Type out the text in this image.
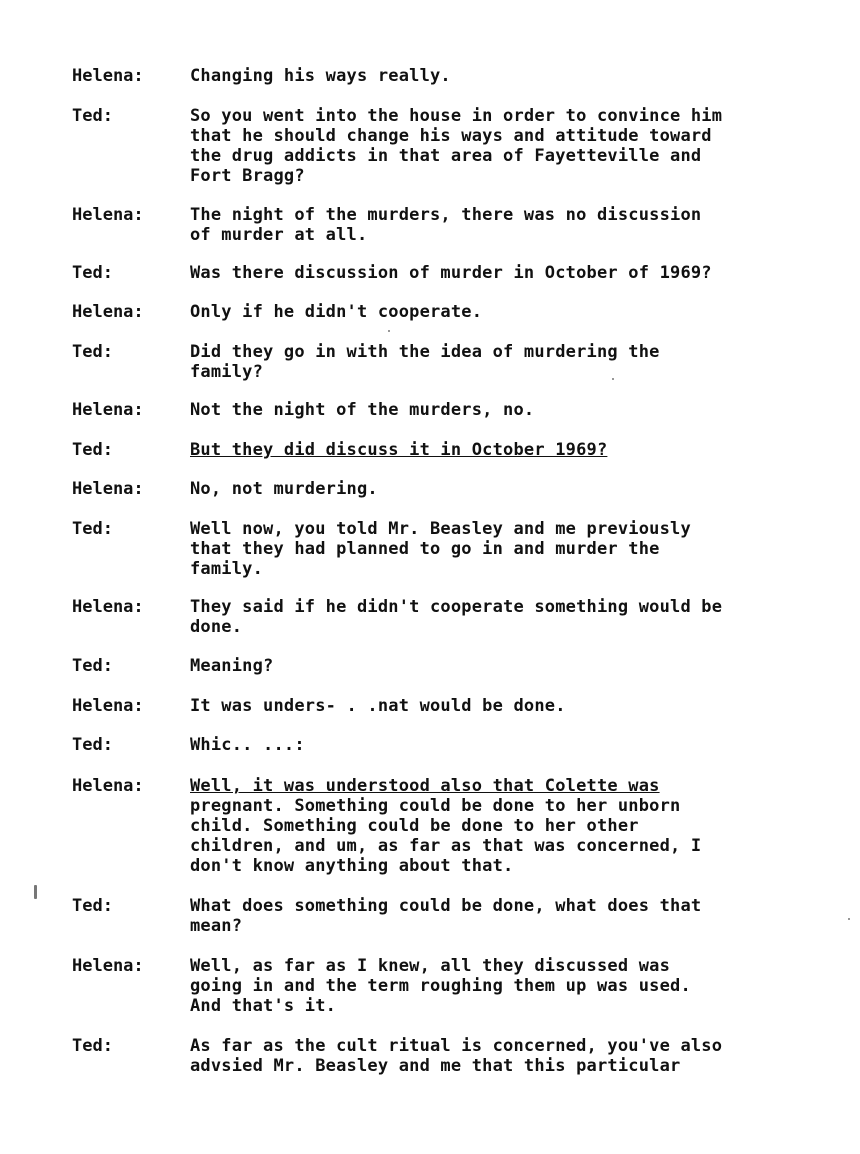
Helena:	Changing his ways really.
Ted:	So you went into the house in order to convince him
that he should change his ways and attitude toward
the drug addicts in that area of Fayetteville and
Fort Bragg?
Helena:	The night of the murders, there was no discussion
of murder at all.
Ted:	Was there discussion of murder in October of 1969?
Helena:	Only if he didn't cooperate.
Ted:	Did they go in with the idea of murdering the
family?
Helena:	Not the night of the murders, no.
Ted:	But they did discuss it in October 1969?
Helena:	No, not murdering.
Ted:	Well now, you told Mr. Beasley and me previously
that they had planned to go in and murder the
family.
Helena:	They said if he didn't cooperate something would be
done.
Ted:	Meaning?
Helena:	It was unders- . .nat would be done.
Ted:	Whic.. ...:
Helena:	Well, it was understood also that Colette was
pregnant. Something could be done to her unborn
child. Something could be done to her other
children, and um, as far as that was concerned, I
don't know anything about that.
Ted:	What does something could be done, what does that
mean?
Helena:	Well, as far as I knew, all they discussed was
going in and the term roughing them up was used.
And that's it.
Ted:	As far as the cult ritual is concerned, you've also
advsied Mr. Beasley and me that this particular
